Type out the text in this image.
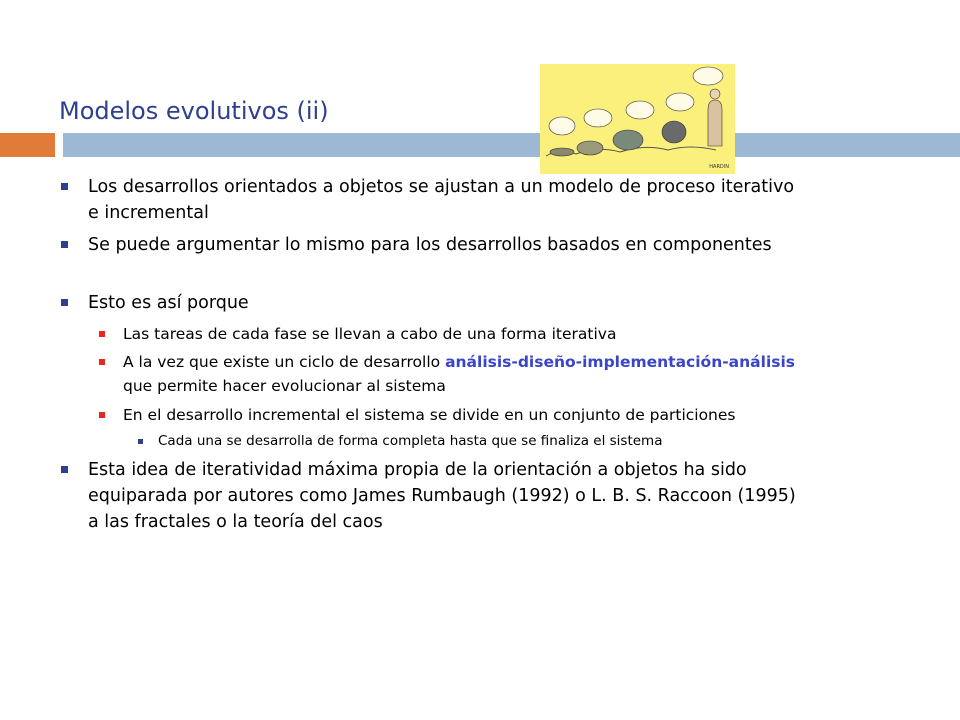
Modelos evolutivos (ii)
HARDIN
Los desarrollos orientados a objetos se ajustan a un modelo de proceso iterativo e incremental
Se puede argumentar lo mismo para los desarrollos basados en componentes
Esto es así porque
Las tareas de cada fase se llevan a cabo de una forma iterativa
A la vez que existe un ciclo de desarrollo análisis-diseño-implementación-análisis que permite hacer evolucionar al sistema
En el desarrollo incremental el sistema se divide en un conjunto de particiones
Cada una se desarrolla de forma completa hasta que se finaliza el sistema
Esta idea de iteratividad máxima propia de la orientación a objetos ha sido equiparada por autores como James Rumbaugh (1992) o L. B. S. Raccoon (1995) a las fractales o la teoría del caos
